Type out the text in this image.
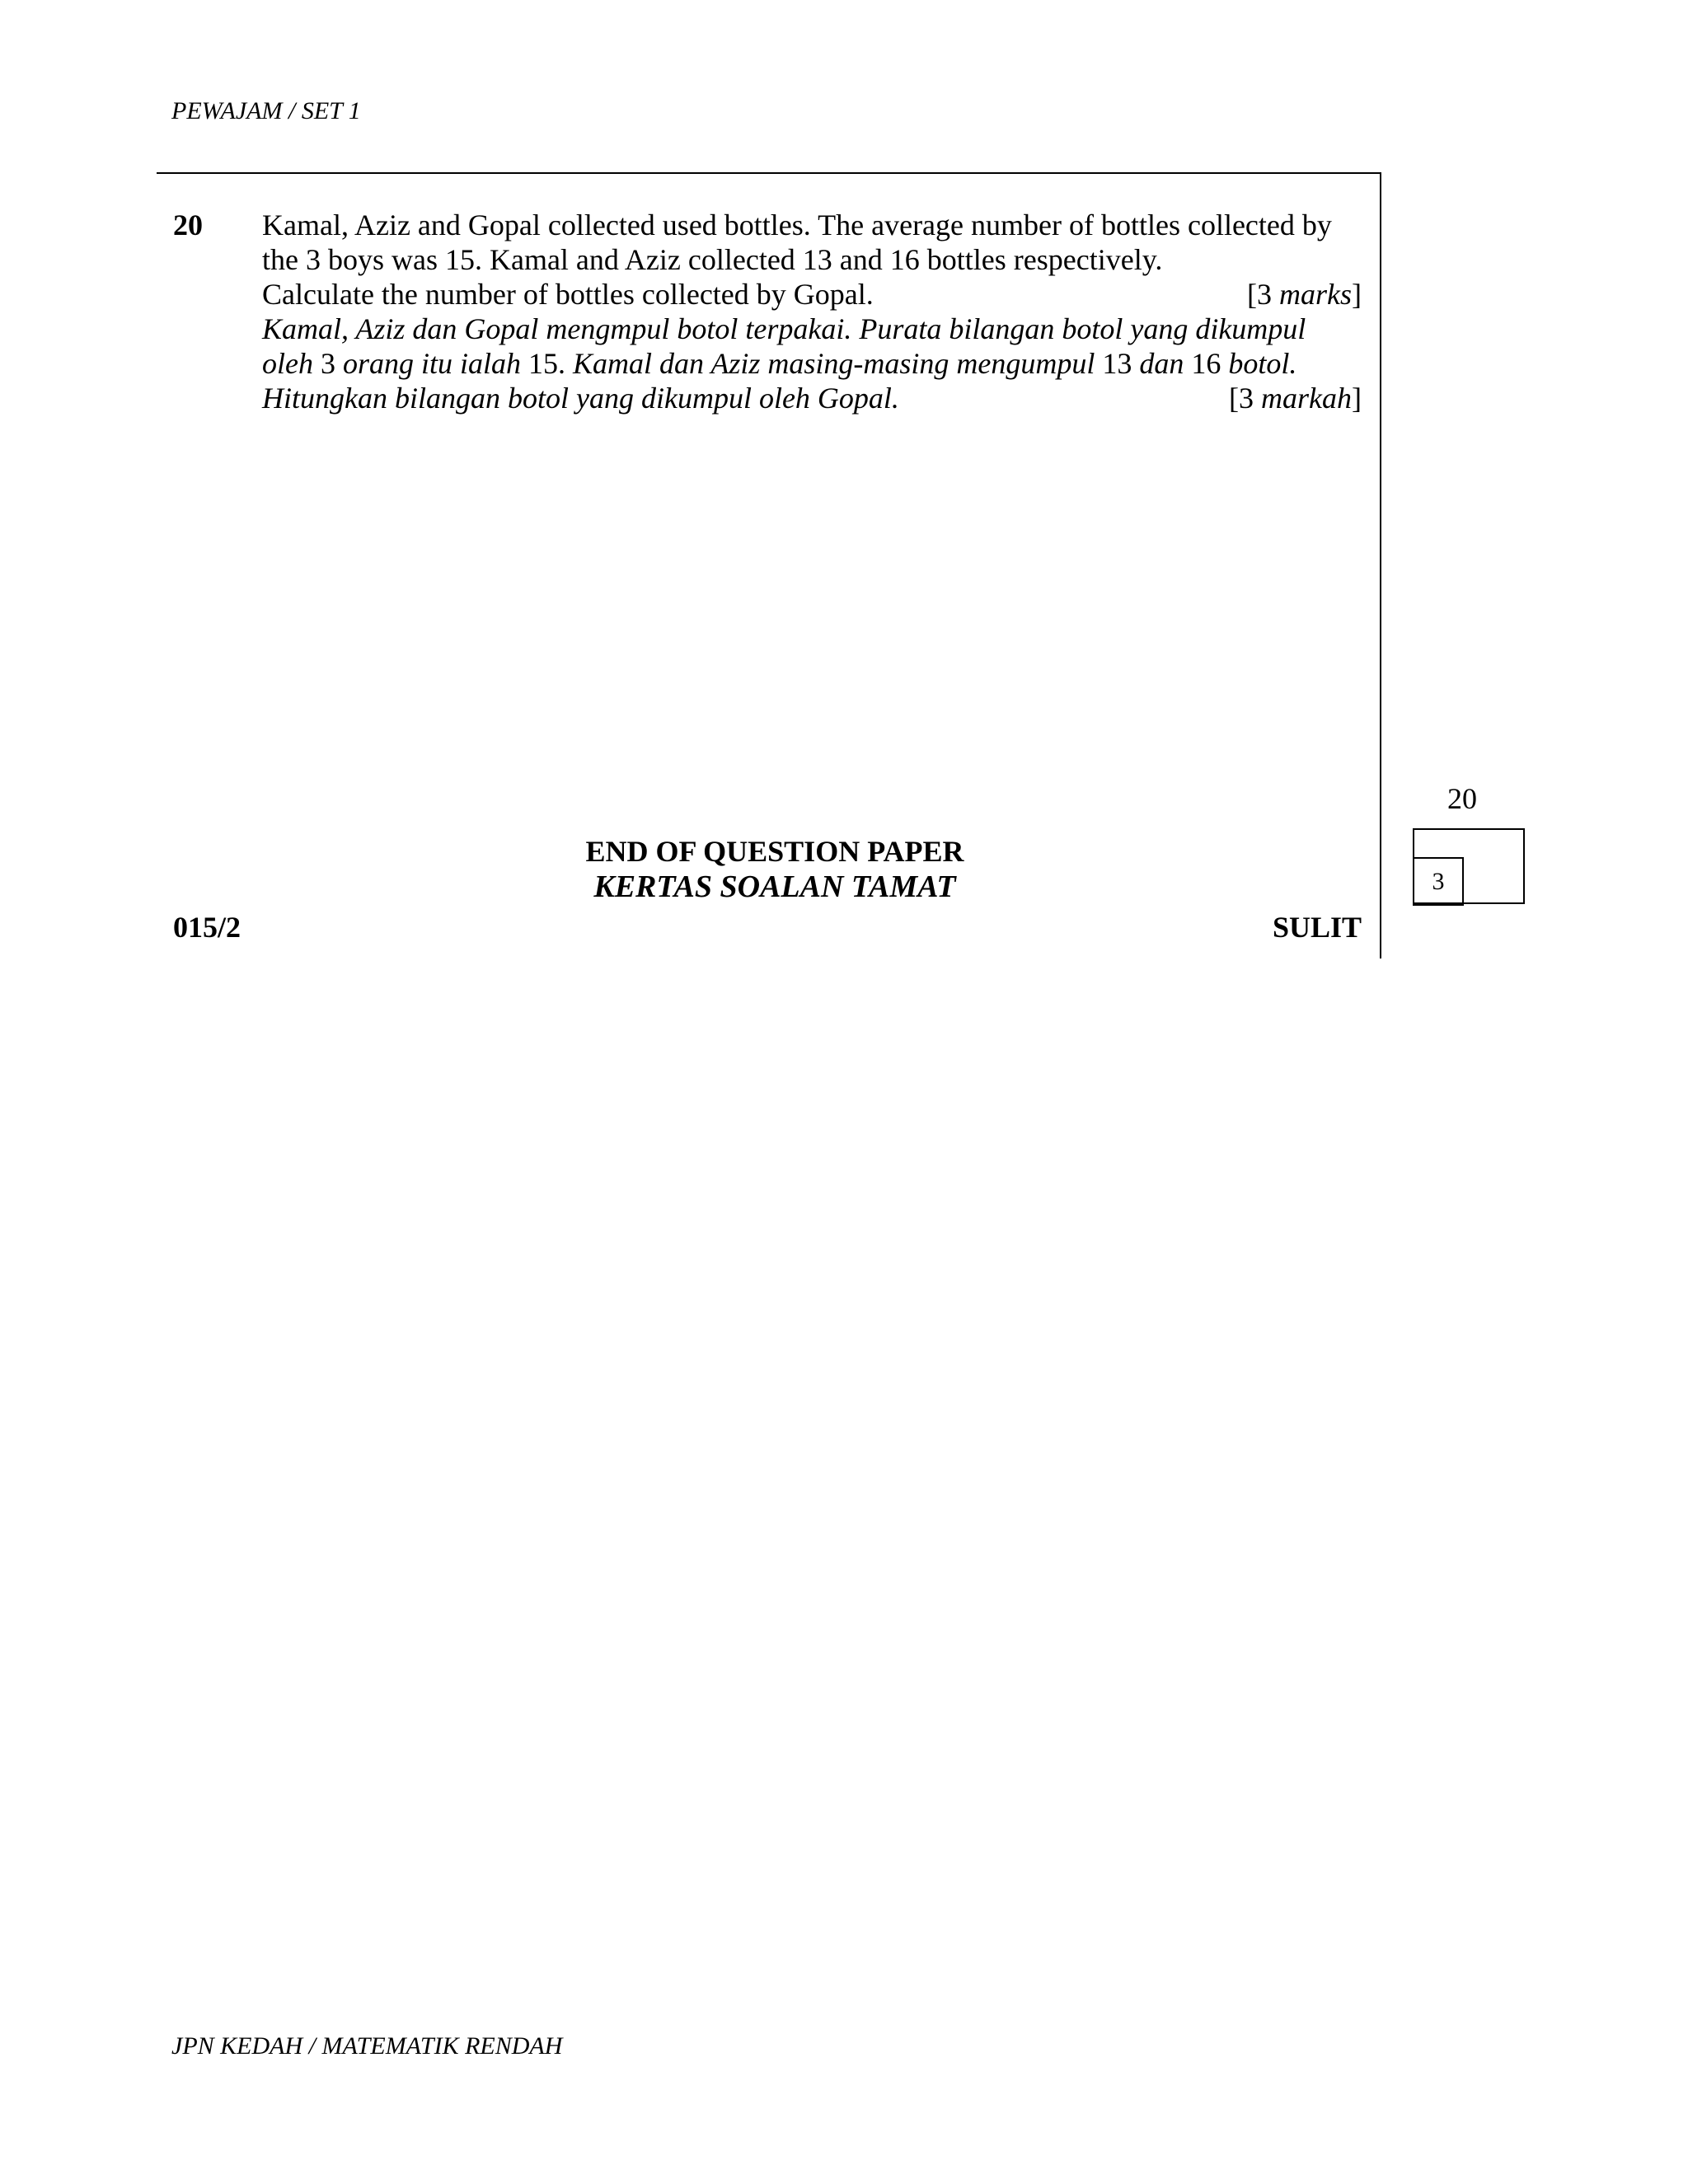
PEWAJAM / SET 1
20 Kamal, Aziz and Gopal collected used bottles. The average number of bottles collected by
the 3 boys was 15. Kamal and Aziz collected 13 and 16 bottles respectively.
Calculate the number of bottles collected by Gopal.	[3 marks]
Kamal, Aziz dan Gopal mengmpul botol terpakai. Purata bilangan botol yang dikumpul
oleh 3 orang itu ialah 15. Kamal dan Aziz masing-masing mengumpul 13 dan 16 botol.
Hitungkan bilangan botol yang dikumpul oleh Gopal.	[3 markah]
20
3
END OF QUESTION PAPER
KERTAS SOALAN TAMAT
015/2	SULIT
JPN KEDAH / MATEMATIK RENDAH
